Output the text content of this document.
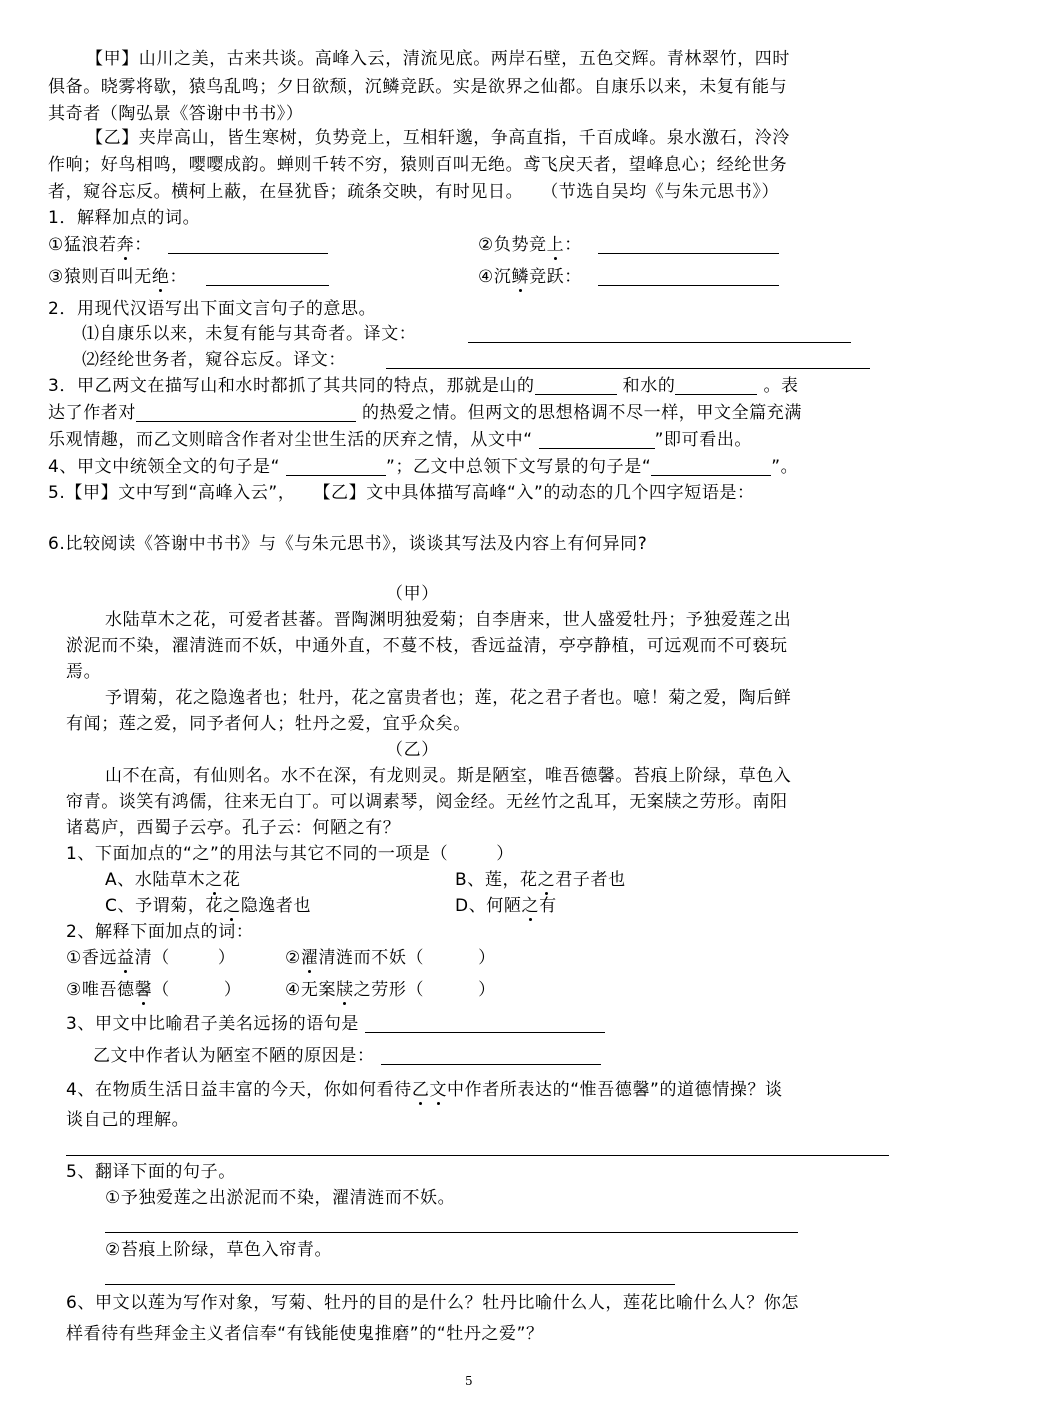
【甲】山川之美，古来共谈。高峰入云，清流见底。两岸石壁，五色交辉。青林翠竹，四时
俱备。晓雾将歇，猿鸟乱鸣；夕日欲颓，沉鳞竞跃。实是欲界之仙都。自康乐以来，未复有能与
其奇者（陶弘景《答谢中书书》）
【乙】夹岸高山，皆生寒树，负势竞上，互相轩邈，争高直指，千百成峰。泉水激石，泠泠
作响；好鸟相鸣，嘤嘤成韵。蝉则千转不穷，猿则百叫无绝。鸢飞戾天者，望峰息心；经纶世务
者，窥谷忘反。横柯上蔽，在昼犹昏；疏条交映，有时见日。   （节选自吴均《与朱元思书》）
1．解释加点的词。
①猛浪若奔：	②负势竞上：
③猿则百叫无绝：	④沉鳞竞跃：
2．用现代汉语写出下面文言句子的意思。
⑴自康乐以来，未复有能与其奇者。译文：
⑵经纶世务者，窥谷忘反。译文：
3．甲乙两文在描写山和水时都抓了其共同的特点，那就是山的	和水的	。表
达了作者对	的热爱之情。但两文的思想格调不尽一样，甲文全篇充满
乐观情趣，而乙文则暗含作者对尘世生活的厌弃之情，从文中“	”即可看出。
4、甲文中统领全文的句子是“	”；乙文中总领下文写景的句子是“	”。
5.【甲】文中写到“高峰入云”，   【乙】文中具体描写高峰“入”的动态的几个四字短语是：
6.比较阅读《答谢中书书》与《与朱元思书》，谈谈其写法及内容上有何异同?
（甲）
水陆草木之花，可爱者甚蕃。晋陶渊明独爱菊；自李唐来，世人盛爱牡丹；予独爱莲之出
淤泥而不染，濯清涟而不妖，中通外直，不蔓不枝，香远益清，亭亭静植，可远观而不可亵玩
焉。
予谓菊，花之隐逸者也；牡丹，花之富贵者也；莲，花之君子者也。噫！菊之爱，陶后鲜
有闻；莲之爱，同予者何人；牡丹之爱，宜乎众矣。
（乙）
山不在高，有仙则名。水不在深，有龙则灵。斯是陋室，唯吾德馨。苔痕上阶绿，草色入
帘青。谈笑有鸿儒，往来无白丁。可以调素琴，阅金经。无丝竹之乱耳，无案牍之劳形。南阳
诸葛庐，西蜀子云亭。孔子云：何陋之有？
1、下面加点的“之”的用法与其它不同的一项是（        ）
A、水陆草木之花	B、莲，花之君子者也
C、予谓菊，花之隐逸者也	D、何陋之有
2、解释下面加点的词：
①香远益清（        ）	②濯清涟而不妖（         ）
③唯吾德馨（         ）	④无案牍之劳形（         ）
3、甲文中比喻君子美名远扬的语句是
乙文中作者认为陋室不陋的原因是：
4、在物质生活日益丰富的今天，你如何看待乙文中作者所表达的“惟吾德馨”的道德情操？谈
谈自己的理解。
5、翻译下面的句子。
①予独爱莲之出淤泥而不染，濯清涟而不妖。
②苔痕上阶绿，草色入帘青。
6、甲文以莲为写作对象，写菊、牡丹的目的是什么？牡丹比喻什么人，莲花比喻什么人？你怎
样看待有些拜金主义者信奉“有钱能使鬼推磨”的“牡丹之爱”？
5
